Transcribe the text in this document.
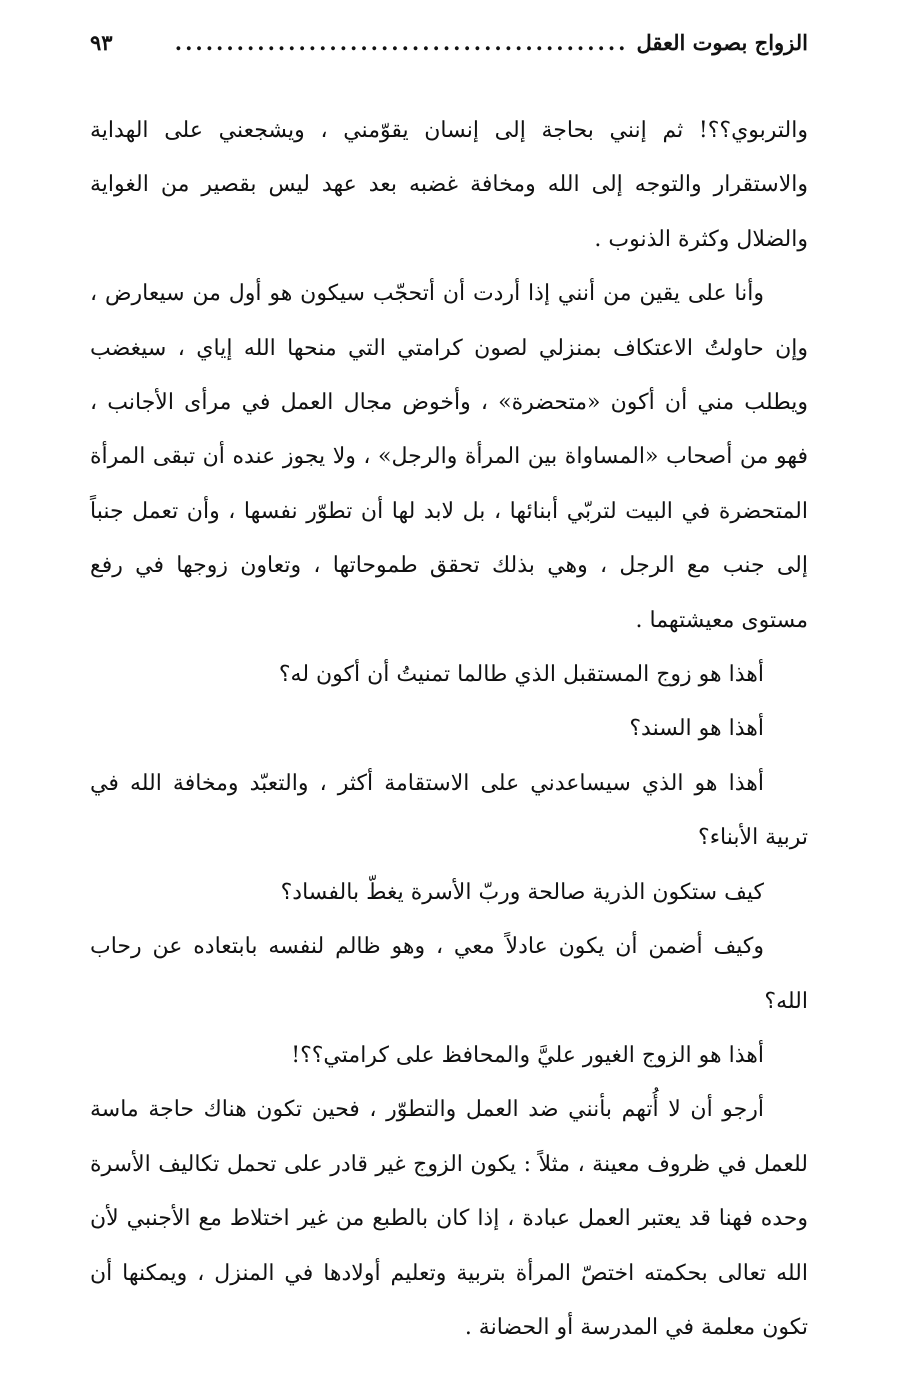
الزواج بصوت العقل
............................................
٩٣

والتربوي؟؟! ثم إنني بحاجة إلى إنسان يقوّمني ، ويشجعني على الهداية والاستقرار والتوجه إلى الله ومخافة غضبه بعد عهد ليس بقصير من الغواية والضلال وكثرة الذنوب .

وأنا على يقين من أنني إذا أردت أن أتحجّب سيكون هو أول من سيعارض ، وإن حاولتُ الاعتكاف بمنزلي لصون كرامتي التي منحها الله إياي ، سيغضب ويطلب مني أن أكون «متحضرة» ، وأخوض مجال العمل في مرأى الأجانب ، فهو من أصحاب «المساواة بين المرأة والرجل» ، ولا يجوز عنده أن تبقى المرأة المتحضرة في البيت لتربّي أبنائها ، بل لابد لها أن تطوّر نفسها ، وأن تعمل جنباً إلى جنب مع الرجل ، وهي بذلك تحقق طموحاتها ، وتعاون زوجها في رفع مستوى معيشتهما .

أهذا هو زوج المستقبل الذي طالما تمنيتُ أن أكون له؟

أهذا هو السند؟

أهذا هو الذي سيساعدني على الاستقامة أكثر ، والتعبّد ومخافة الله في تربية الأبناء؟

كيف ستكون الذرية صالحة وربّ الأسرة يغطّ بالفساد؟

وكيف أضمن أن يكون عادلاً معي ، وهو ظالم لنفسه بابتعاده عن رحاب الله؟

أهذا هو الزوج الغيور عليَّ والمحافظ على كرامتي؟؟!

أرجو أن لا أُتهم بأنني ضد العمل والتطوّر ، فحين تكون هناك حاجة ماسة للعمل في ظروف معينة ، مثلاً : يكون الزوج غير قادر على تحمل تكاليف الأسرة وحده فهنا قد يعتبر العمل عبادة ، إذا كان بالطبع من غير اختلاط مع الأجنبي لأن الله تعالى بحكمته اختصّ المرأة بتربية وتعليم أولادها في المنزل ، ويمكنها أن تكون معلمة في المدرسة أو الحضانة .
